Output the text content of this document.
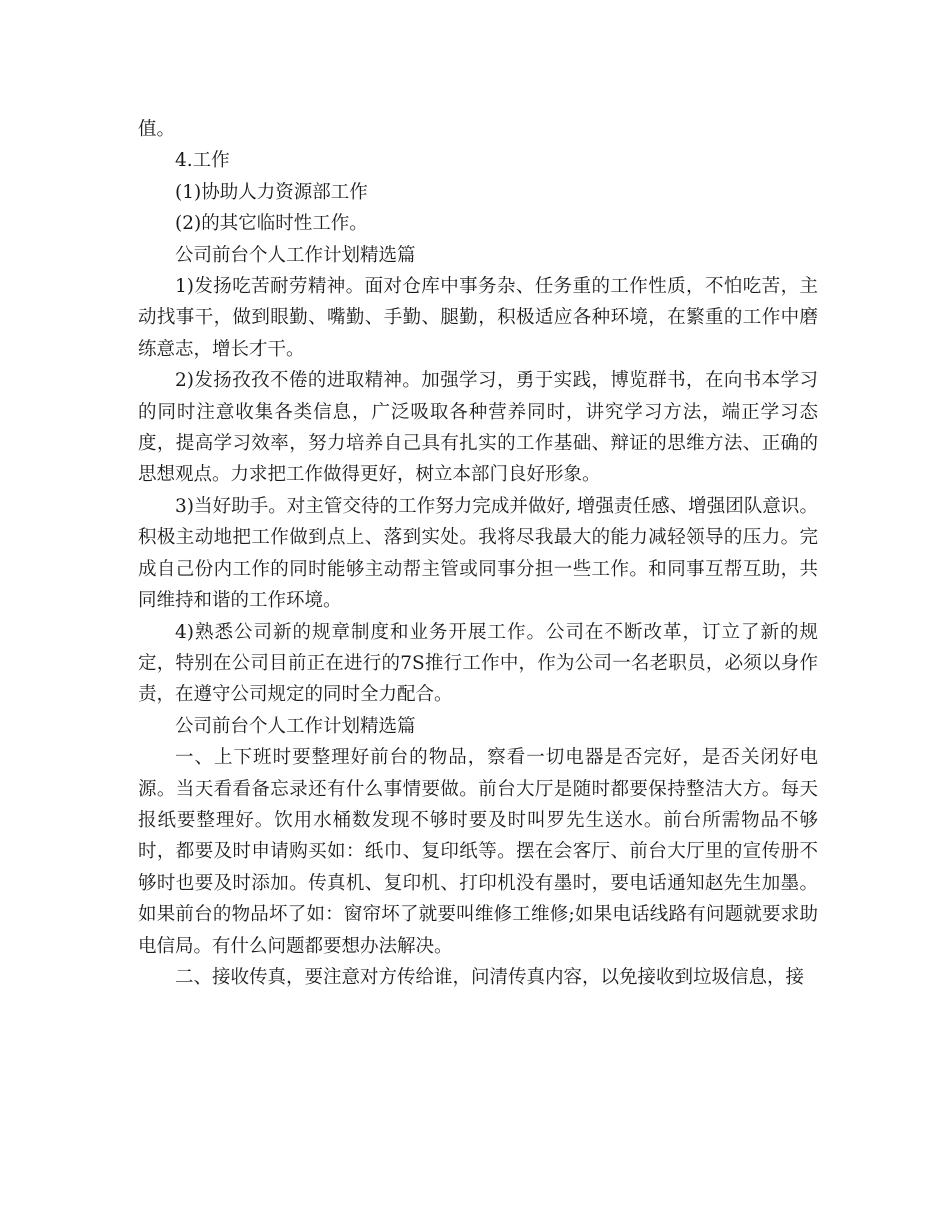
值。

4.工作

(1)协助人力资源部工作

(2)的其它临时性工作。

公司前台个人工作计划精选篇

1)发扬吃苦耐劳精神。面对仓库中事务杂、任务重的工作性质，不怕吃苦，主动找事干，做到眼勤、嘴勤、手勤、腿勤，积极适应各种环境，在繁重的工作中磨练意志，增长才干。

2)发扬孜孜不倦的进取精神。加强学习，勇于实践，博览群书，在向书本学习的同时注意收集各类信息，广泛吸取各种营养同时，讲究学习方法，端正学习态度，提高学习效率，努力培养自己具有扎实的工作基础、辩证的思维方法、正确的思想观点。力求把工作做得更好，树立本部门良好形象。

3)当好助手。对主管交待的工作努力完成并做好, 增强责任感、增强团队意识。积极主动地把工作做到点上、落到实处。我将尽我最大的能力减轻领导的压力。完成自己份内工作的同时能够主动帮主管或同事分担一些工作。和同事互帮互助，共同维持和谐的工作环境。

4)熟悉公司新的规章制度和业务开展工作。公司在不断改革，订立了新的规定，特别在公司目前正在进行的7S推行工作中，作为公司一名老职员，必须以身作责，在遵守公司规定的同时全力配合。

公司前台个人工作计划精选篇

一、上下班时要整理好前台的物品，察看一切电器是否完好，是否关闭好电源。当天看看备忘录还有什么事情要做。前台大厅是随时都要保持整洁大方。每天报纸要整理好。饮用水桶数发现不够时要及时叫罗先生送水。前台所需物品不够时，都要及时申请购买如：纸巾、复印纸等。摆在会客厅、前台大厅里的宣传册不够时也要及时添加。传真机、复印机、打印机没有墨时，要电话通知赵先生加墨。如果前台的物品坏了如：窗帘坏了就要叫维修工维修;如果电话线路有问题就要求助电信局。有什么问题都要想办法解决。

二、接收传真，要注意对方传给谁，问清传真内容，以免接收到垃圾信息，接
